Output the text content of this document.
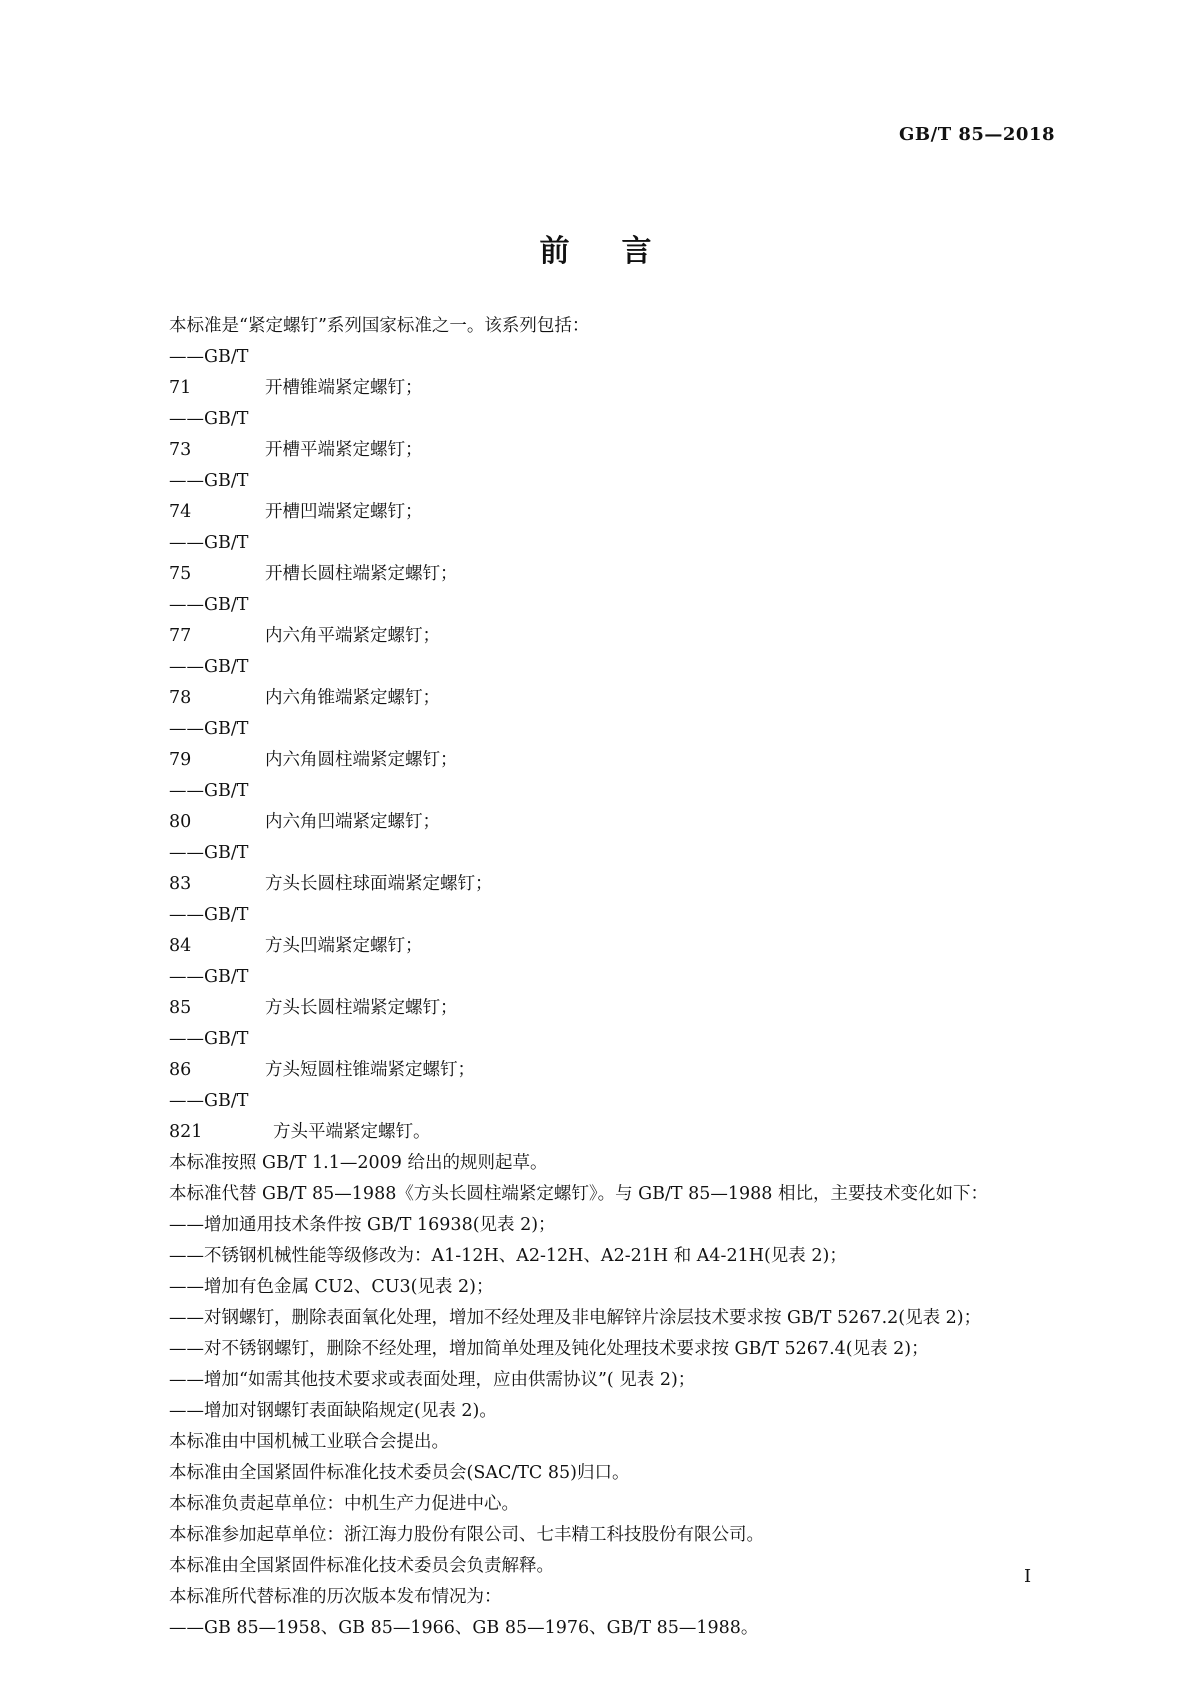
GB/T 85—2018
前言

本标准是“紧定螺钉”系列国家标准之一。该系列包括：

——GB/T 71	开槽锥端紧定螺钉；

——GB/T 73	开槽平端紧定螺钉；

——GB/T 74	开槽凹端紧定螺钉；

——GB/T 75	开槽长圆柱端紧定螺钉；

——GB/T 77	内六角平端紧定螺钉；

——GB/T 78	内六角锥端紧定螺钉；

——GB/T 79	内六角圆柱端紧定螺钉；

——GB/T 80	内六角凹端紧定螺钉；

——GB/T 83	方头长圆柱球面端紧定螺钉；

——GB/T 84	方头凹端紧定螺钉；

——GB/T 85	方头长圆柱端紧定螺钉；

——GB/T 86	方头短圆柱锥端紧定螺钉；

——GB/T 821	方头平端紧定螺钉。

本标准按照 GB/T 1.1—2009 给出的规则起草。

本标准代替 GB/T 85—1988《方头长圆柱端紧定螺钉》。与 GB/T 85—1988 相比，主要技术变化如下：

——增加通用技术条件按 GB/T 16938(见表 2)；

——不锈钢机械性能等级修改为：A1-12H、A2-12H、A2-21H 和 A4-21H(见表 2)；

——增加有色金属 CU2、CU3(见表 2)；

——对钢螺钉，删除表面氧化处理，增加不经处理及非电解锌片涂层技术要求按 GB/T 5267.2(见表 2)；

——对不锈钢螺钉，删除不经处理，增加简单处理及钝化处理技术要求按 GB/T 5267.4(见表 2)；

——增加“如需其他技术要求或表面处理，应由供需协议”( 见表 2)；

——增加对钢螺钉表面缺陷规定(见表 2)。

本标准由中国机械工业联合会提出。

本标准由全国紧固件标准化技术委员会(SAC/TC 85)归口。

本标准负责起草单位：中机生产力促进中心。

本标准参加起草单位：浙江海力股份有限公司、七丰精工科技股份有限公司。

本标准由全国紧固件标准化技术委员会负责解释。

本标准所代替标准的历次版本发布情况为：

——GB 85—1958、GB 85—1966、GB 85—1976、GB/T 85—1988。

I
